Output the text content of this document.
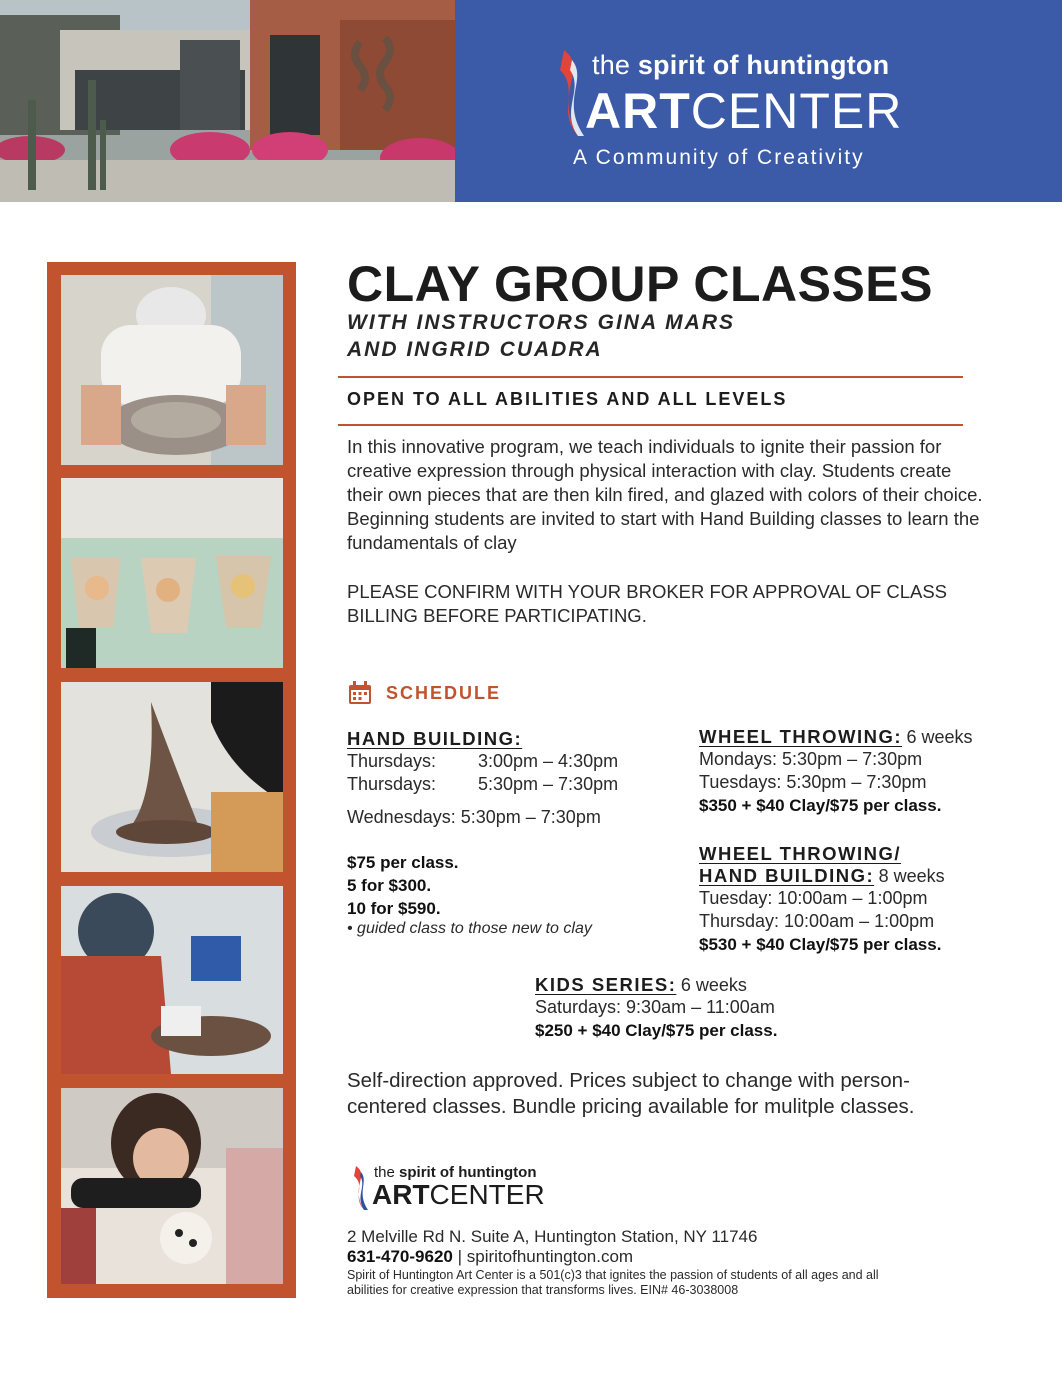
the spirit of huntington
ARTCENTER
A Community of Creativity
CLAY GROUP CLASSES
WITH INSTRUCTORS GINA MARS
AND INGRID CUADRA
OPEN TO ALL ABILITIES AND ALL LEVELS
In this innovative program, we teach individuals to ignite their passion for creative expression through physical interaction with clay. Students create their own pieces that are then kiln fired, and glazed with colors of their choice. Beginning students are invited to start with Hand Building classes to learn the fundamentals of clay
PLEASE CONFIRM WITH YOUR BROKER FOR APPROVAL OF CLASS BILLING BEFORE PARTICIPATING.
SCHEDULE
HAND BUILDING:
Thursdays: 3:00pm – 4:30pm
Thursdays: 5:30pm – 7:30pm
Wednesdays: 5:30pm – 7:30pm
$75 per class.
5 for $300.
10 for $590.
• guided class to those new to clay
WHEEL THROWING: 6 weeks
Mondays: 5:30pm – 7:30pm
Tuesdays: 5:30pm – 7:30pm
$350 + $40 Clay/$75 per class.
WHEEL THROWING/
HAND BUILDING: 8 weeks
Tuesday: 10:00am – 1:00pm
Thursday: 10:00am – 1:00pm
$530 + $40 Clay/$75 per class.
KIDS SERIES: 6 weeks
Saturdays: 9:30am – 11:00am
$250 + $40 Clay/$75 per class.
Self-direction approved. Prices subject to change with person-centered classes. Bundle pricing available for mulitple classes.
the spirit of huntington
ARTCENTER
2 Melville Rd N. Suite A, Huntington Station, NY 11746
631-470-9620 | spiritofhuntington.com
Spirit of Huntington Art Center is a 501(c)3 that ignites the passion of students of all ages and all abilities for creative expression that transforms lives. EIN# 46-3038008
